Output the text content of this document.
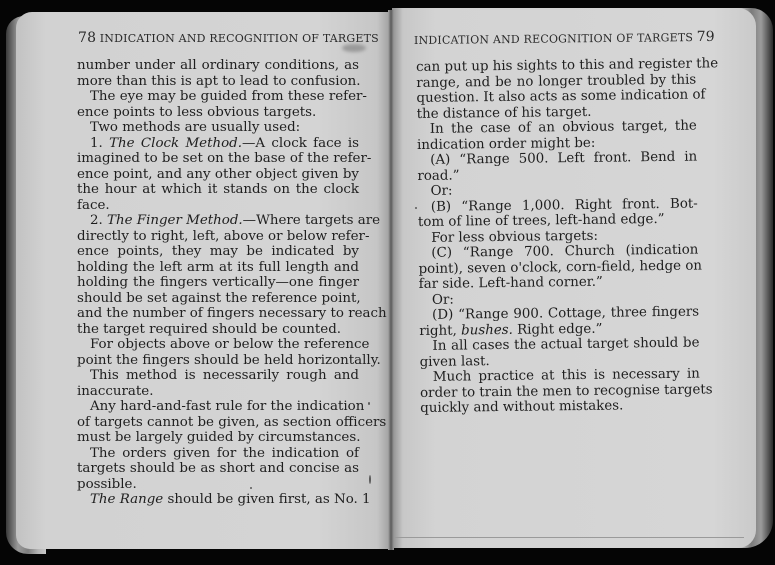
78 INDICATION AND RECOGNITION OF TARGETS	INDICATION AND RECOGNITION OF TARGETS 79
number under all ordinary conditions, as
more than this is apt to lead to confusion.
The eye may be guided from these refer-
ence points to less obvious targets.
Two methods are usually used:
1. The Clock Method.—A clock face is
imagined to be set on the base of the refer-
ence point, and any other object given by
the hour at which it stands on the clock
face.
2. The Finger Method.—Where targets are
directly to right, left, above or below refer-
ence points, they may be indicated by
holding the left arm at its full length and
holding the fingers vertically—one finger
should be set against the reference point,
and the number of fingers necessary to reach
the target required should be counted.
For objects above or below the reference
point the fingers should be held horizontally.
This method is necessarily rough and
inaccurate.
Any hard-and-fast rule for the indication
of targets cannot be given, as section officers
must be largely guided by circumstances.
The orders given for the indication of
targets should be as short and concise as
possible.
The Range should be given first, as No. 1
can put up his sights to this and register the
range, and be no longer troubled by this
question. It also acts as some indication of
the distance of his target.
In the case of an obvious target, the
indication order might be:
(A) “Range 500. Left front. Bend in
road.”
Or:
(B) “Range 1,000. Right front. Bot-
tom of line of trees, left-hand edge.”
For less obvious targets:
(C) “Range 700. Church (indication
point), seven o'clock, corn-field, hedge on
far side. Left-hand corner.”
Or:
(D) “Range 900. Cottage, three fingers
right, bushes. Right edge.”
In all cases the actual target should be
given last.
Much practice at this is necessary in
order to train the men to recognise targets
quickly and without mistakes.
